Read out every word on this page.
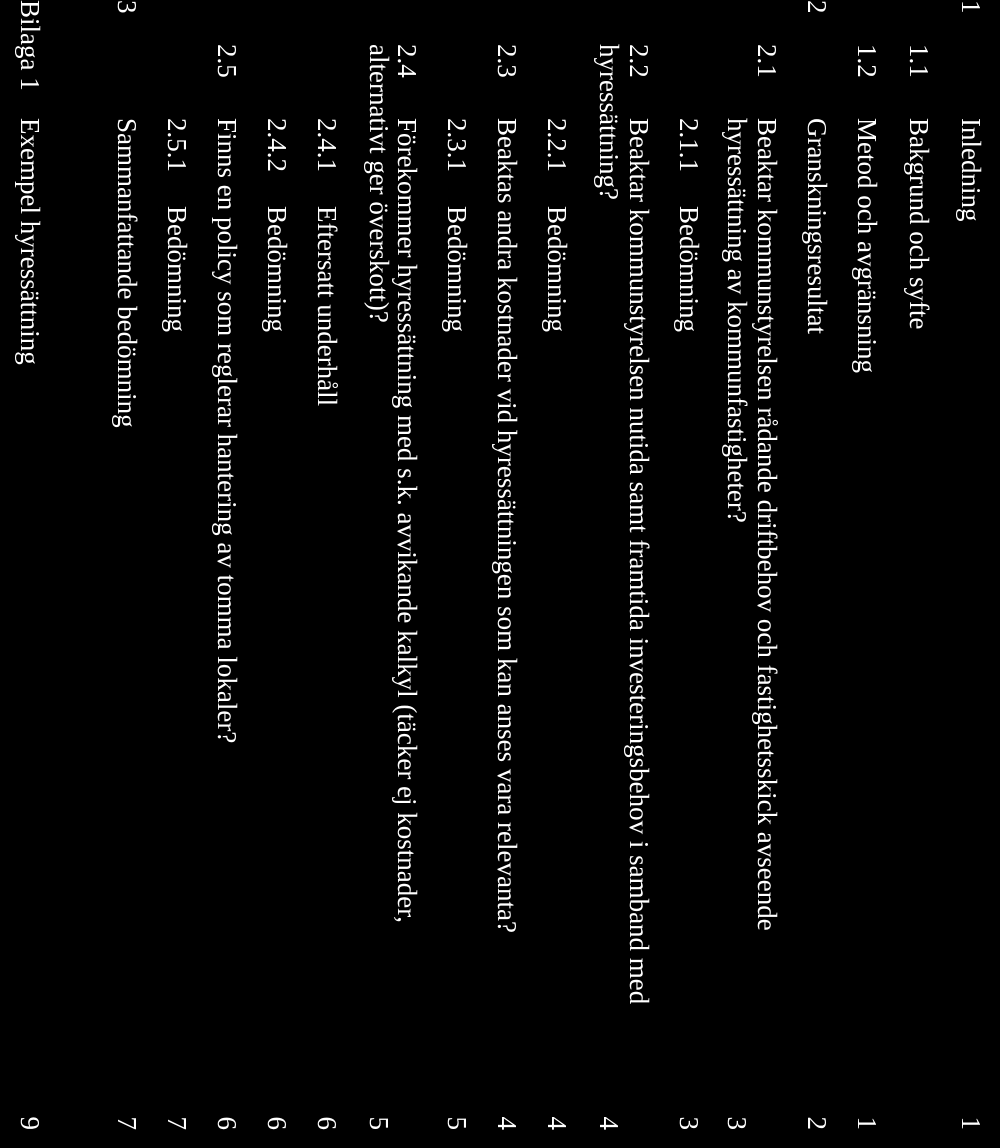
1
Inledning
1
1.1
Bakgrund och syfte
1.2
Metod och avgränsning
1
2
Granskningsresultat
2
2.1
Beaktar kommunstyrelsen rådande driftbehov och fastighetsskick avseende
hyressättning av kommunfastigheter?
3
2.1.1
Bedömning
3
2.2
Beaktar kommunstyrelsen nutida samt framtida investeringsbehov i samband med
hyressättning?
4
2.2.1
Bedömning
4
2.3
Beaktas andra kostnader vid hyressättningen som kan anses vara relevanta?
4
2.3.1
Bedömning
5
2.4
Förekommer hyressättning med s.k. avvikande kalkyl (täcker ej kostnader,
alternativt ger överskott)?
5
2.4.1
Eftersatt underhåll
6
2.4.2
Bedömning
6
2.5
Finns en policy som reglerar hantering av tomma lokaler?
6
2.5.1
Bedömning
7
3
Sammanfattande bedömning
7
Bilaga 1
Exempel hyressättning
9
